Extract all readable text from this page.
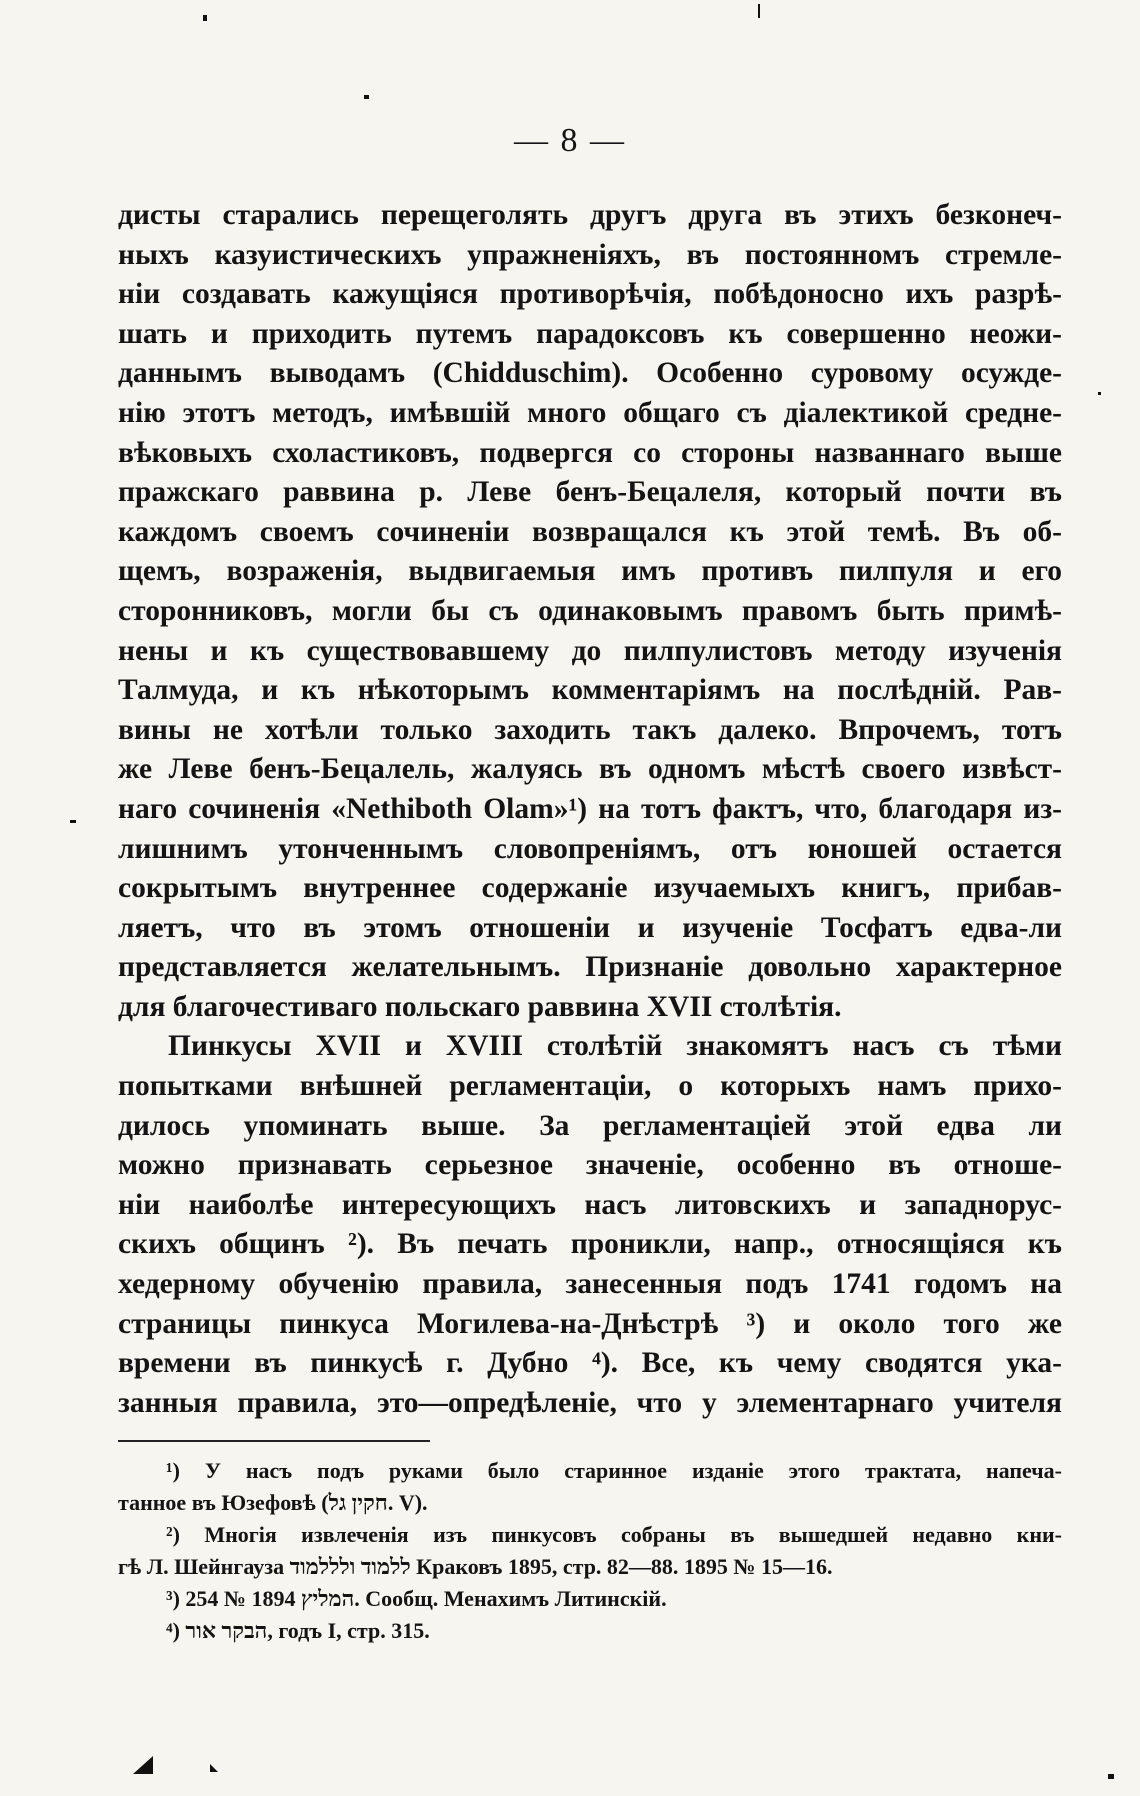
— 8 —
дисты старались перещеголять другъ друга въ этихъ безконеч-
ныхъ казуистическихъ упражненіяхъ, въ постоянномъ стремле-
ніи создавать кажущіяся противорѣчія, побѣдоносно ихъ разрѣ-
шать и приходить путемъ парадоксовъ къ совершенно неожи-
даннымъ выводамъ (Chidduschim). Особенно суровому осужде-
нію этотъ методъ, имѣвшій много общаго съ діалектикой средне-
вѣковыхъ схоластиковъ, подвергся со стороны названнаго выше
пражскаго раввина р. Леве бенъ-Бецалеля, который почти въ
каждомъ своемъ сочиненіи возвращался къ этой темѣ. Въ об-
щемъ, возраженія, выдвигаемыя имъ противъ пилпуля и его
сторонниковъ, могли бы съ одинаковымъ правомъ быть примѣ-
нены и къ существовавшему до пилпулистовъ методу изученія
Талмуда, и къ нѣкоторымъ комментаріямъ на послѣдній. Рав-
вины не хотѣли только заходить такъ далеко. Впрочемъ, тотъ
же Леве бенъ-Бецалель, жалуясь въ одномъ мѣстѣ своего извѣст-
наго сочиненія «Nethiboth Olam»¹) на тотъ фактъ, что, благодаря из-
лишнимъ утонченнымъ словопреніямъ, отъ юношей остается
сокрытымъ внутреннее содержаніе изучаемыхъ книгъ, прибав-
ляетъ, что въ этомъ отношеніи и изученіе Тосфатъ едва-ли
представляется желательнымъ. Признаніе довольно характерное
для благочестиваго польскаго раввина XVII столѣтія.
Пинкусы XVII и XVIII столѣтій знакомятъ насъ съ тѣми
попытками внѣшней регламентаціи, о которыхъ намъ прихо-
дилось упоминать выше. За регламентаціей этой едва ли
можно признавать серьезное значеніе, особенно въ отноше-
ніи наиболѣе интересующихъ насъ литовскихъ и западнорус-
скихъ общинъ ²). Въ печать проникли, напр., относящіяся къ
хедерному обученію правила, занесенныя подъ 1741 годомъ на
страницы пинкуса Могилева-на-Днѣстрѣ ³) и около того же
времени въ пинкусѣ г. Дубно ⁴). Все, къ чему сводятся ука-
занныя правила, это—опредѣленіе, что у элементарнаго учителя
¹) У насъ подъ руками было старинное изданіе этого трактата, напеча-
танное въ Юзефовѣ (חקין גל. V).
²) Многія извлеченія изъ пинкусовъ собраны въ вышедшей недавно кни-
гѣ Л. Шейнгауза ללמוד ולללמוד Краковъ 1895, стр. 82—88. 1895 № 15—16.
³) המליץ 1894 № 254. Сообщ. Менахимъ Литинскій.
⁴) הבקר אור, годъ I, стр. 315.
